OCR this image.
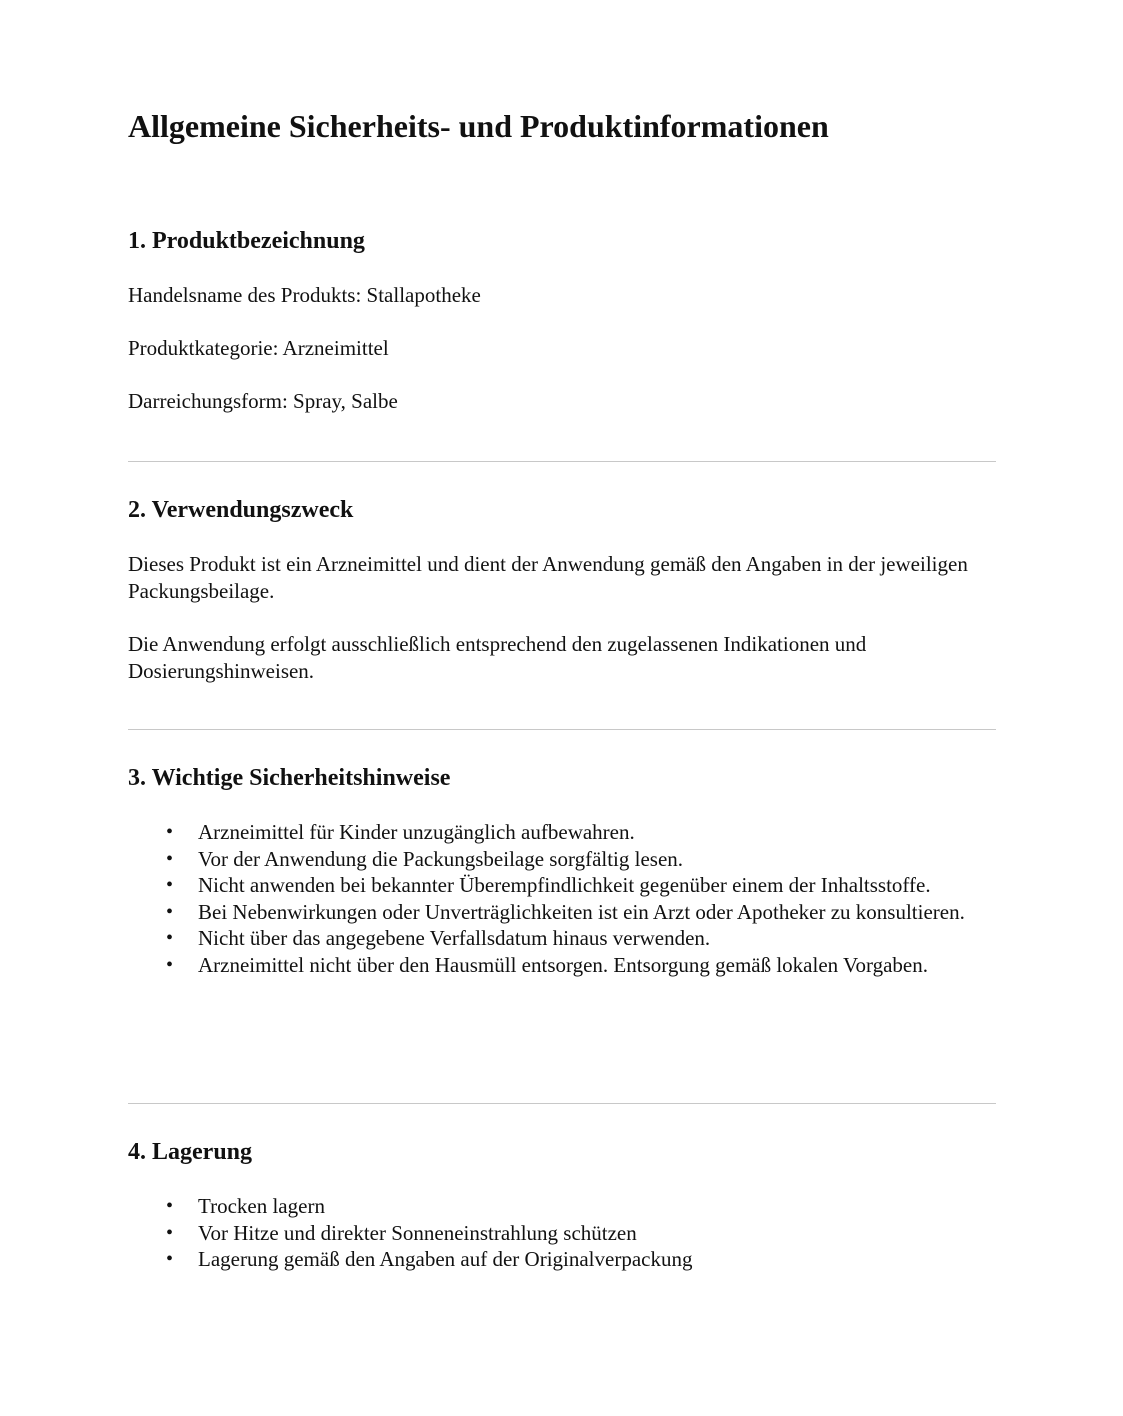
Allgemeine Sicherheits- und Produktinformationen
1. Produktbezeichnung

Handelsname des Produkts: Stallapotheke

Produktkategorie: Arzneimittel

Darreichungsform: Spray, Salbe

2. Verwendungszweck

Dieses Produkt ist ein Arzneimittel und dient der Anwendung gemäß den Angaben in der jeweiligen Packungsbeilage.

Die Anwendung erfolgt ausschließlich entsprechend den zugelassenen Indikationen und Dosierungshinweisen.

3. Wichtige Sicherheitshinweise
• Arzneimittel für Kinder unzugänglich aufbewahren.
• Vor der Anwendung die Packungsbeilage sorgfältig lesen.
• Nicht anwenden bei bekannter Überempfindlichkeit gegenüber einem der Inhaltsstoffe.
• Bei Nebenwirkungen oder Unverträglichkeiten ist ein Arzt oder Apotheker zu konsultieren.
• Nicht über das angegebene Verfallsdatum hinaus verwenden.
• Arzneimittel nicht über den Hausmüll entsorgen. Entsorgung gemäß lokalen Vorgaben.
4. Lagerung
• Trocken lagern
• Vor Hitze und direkter Sonneneinstrahlung schützen
• Lagerung gemäß den Angaben auf der Originalverpackung
